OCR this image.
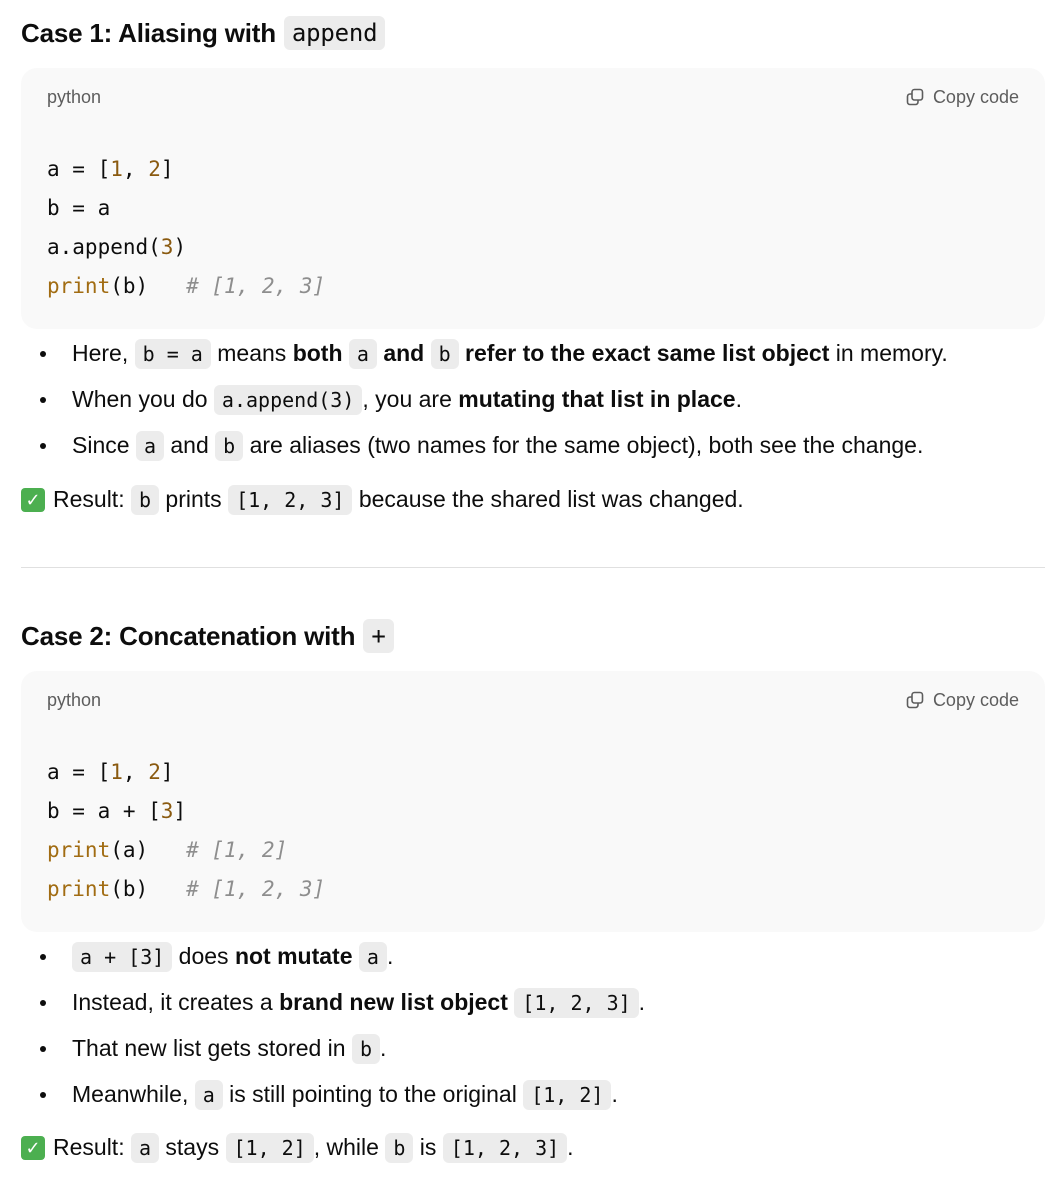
Case 1: Aliasing with append
python	Copy code
a = [1, 2]
b = a
a.append(3)
print(b)   # [1, 2, 3]
Here, b = a means both a and b refer to the exact same list object in memory.
When you do a.append(3) , you are mutating that list in place.
Since a and b are aliases (two names for the same object), both see the change.
✓ Result: b prints [1, 2, 3] because the shared list was changed.
Case 2: Concatenation with +
python	Copy code
a = [1, 2]
b = a + [3]
print(a)   # [1, 2]
print(b)   # [1, 2, 3]
a + [3] does not mutate a .
Instead, it creates a brand new list object [1, 2, 3] .
That new list gets stored in b .
Meanwhile, a is still pointing to the original [1, 2] .
✓ Result: a stays [1, 2] , while b is [1, 2, 3] .
